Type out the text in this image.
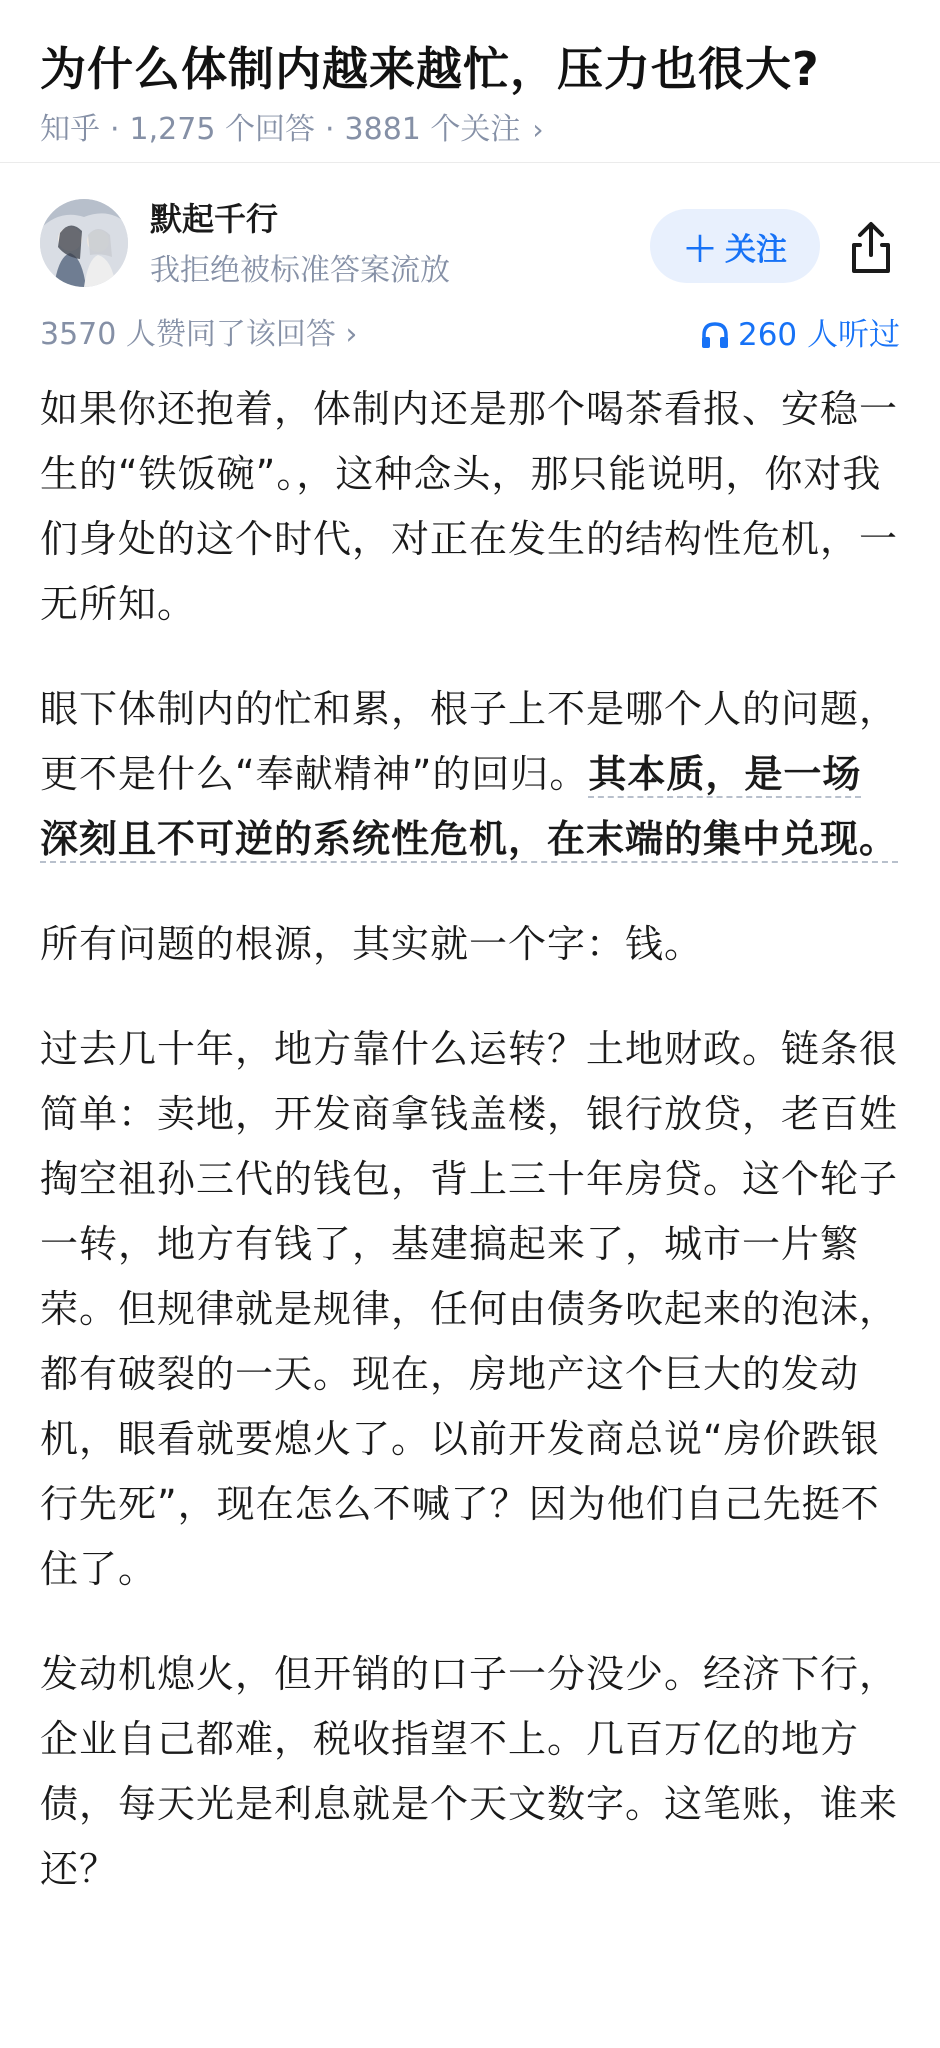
为什么体制内越来越忙，压力也很大?
知乎 · 1,275 个回答 · 3881 个关注 ›
默起千行
我拒绝被标准答案流放
＋ 关注
3570 人赞同了该回答 ›	260 人听过

如果你还抱着，体制内还是那个喝茶看报、安稳一生的“铁饭碗”。，这种念头，那只能说明，你对我们身处的这个时代，对正在发生的结构性危机，一无所知。

眼下体制内的忙和累，根子上不是哪个人的问题，更不是什么“奉献精神”的回归。其本质，是一场深刻且不可逆的系统性危机，在末端的集中兑现。

所有问题的根源，其实就一个字：钱。

过去几十年，地方靠什么运转？土地财政。链条很简单：卖地，开发商拿钱盖楼，银行放贷，老百姓掏空祖孙三代的钱包，背上三十年房贷。这个轮子一转，地方有钱了，基建搞起来了，城市一片繁荣。但规律就是规律，任何由债务吹起来的泡沫，都有破裂的一天。现在，房地产这个巨大的发动机，眼看就要熄火了。以前开发商总说“房价跌银行先死”，现在怎么不喊了？因为他们自己先挺不住了。

发动机熄火，但开销的口子一分没少。经济下行，企业自己都难，税收指望不上。几百万亿的地方债，每天光是利息就是个天文数字。这笔账，谁来还？
